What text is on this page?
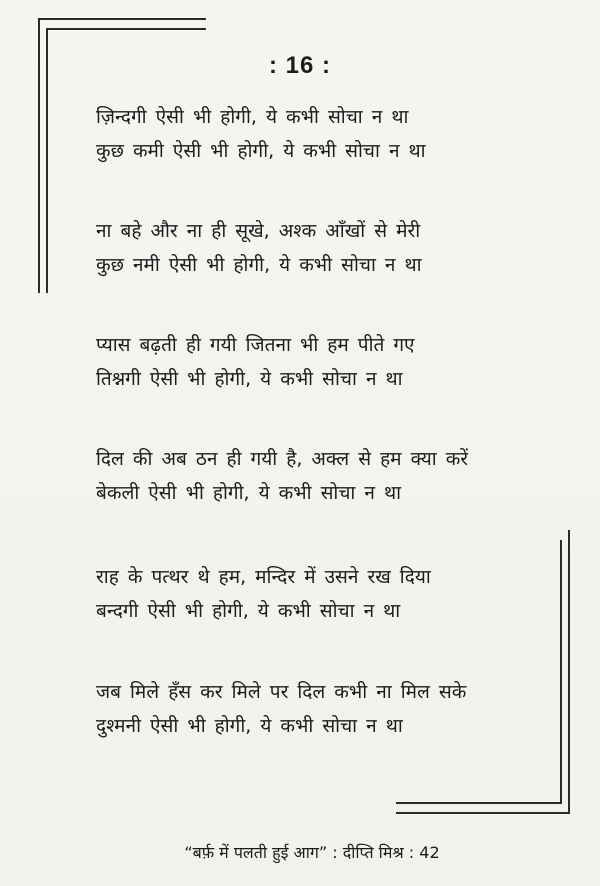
: 16 :
ज़िन्दगी ऐसी भी होगी, ये कभी सोचा न था
कुछ कमी ऐसी भी होगी, ये कभी सोचा न था
ना बहे और ना ही सूखे, अश्क आँखों से मेरी
कुछ नमी ऐसी भी होगी, ये कभी सोचा न था
प्यास बढ़ती ही गयी जितना भी हम पीते गए
तिश्नगी ऐसी भी होगी, ये कभी सोचा न था
दिल की अब ठन ही गयी है, अक्ल से हम क्या करें
बेकली ऐसी भी होगी, ये कभी सोचा न था
राह के पत्थर थे हम, मन्दिर में उसने रख दिया
बन्दगी ऐसी भी होगी, ये कभी सोचा न था
जब मिले हँस कर मिले पर दिल कभी ना मिल सके
दुश्मनी ऐसी भी होगी, ये कभी सोचा न था
“बर्फ़ में पलती हुई आग” : दीप्ति मिश्र : 42
